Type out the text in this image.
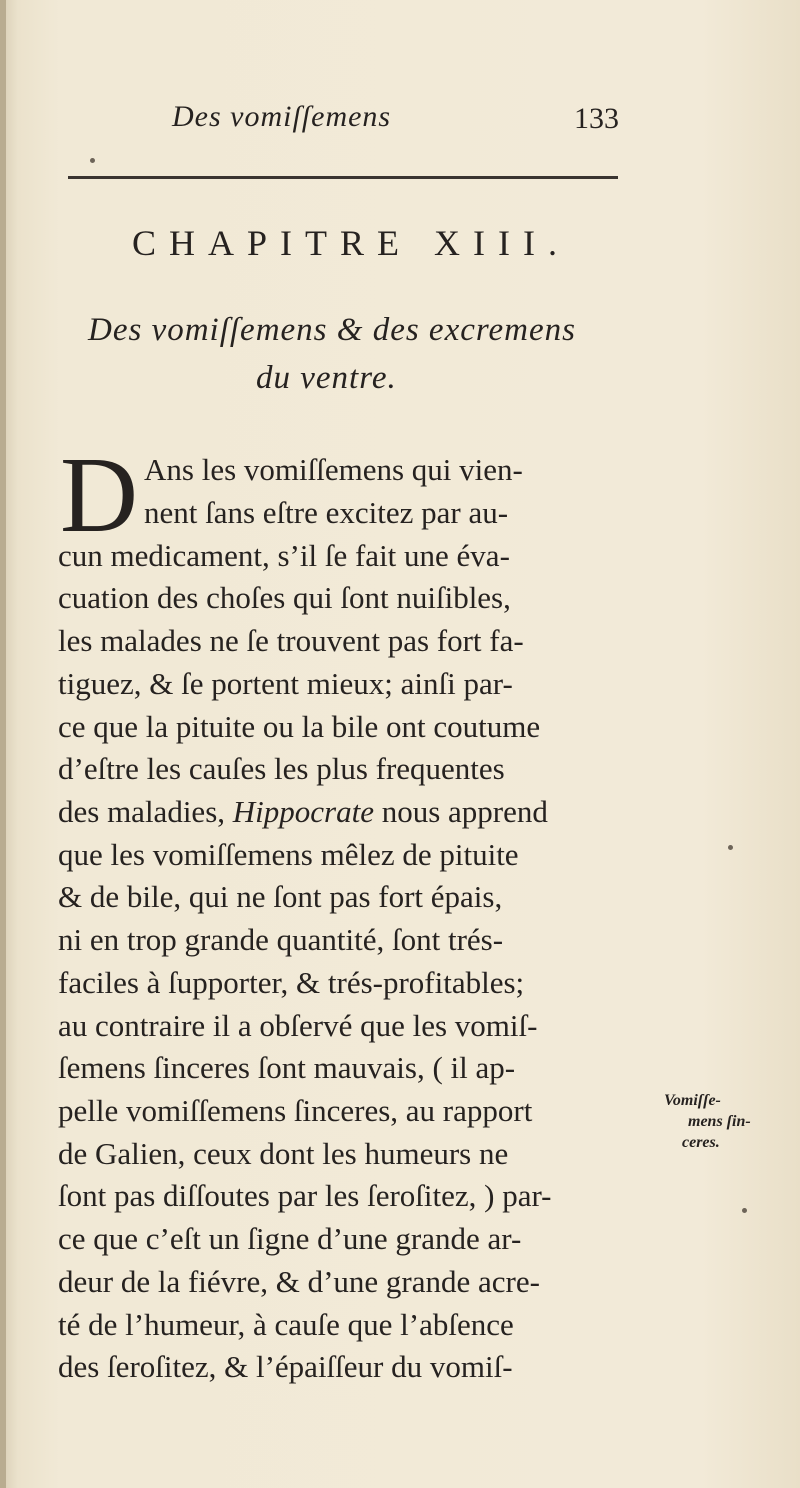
Des vomiſſemens	133
CHAPITRE XIII.
Des vomiſſemens & des excremens
du ventre.
D Ans les vomiſſemens qui vien-
nent ſans eſtre excitez par au-
cun medicament, s’il ſe fait une éva-
cuation des choſes qui ſont nuiſibles,
les malades ne ſe trouvent pas fort fa-
tiguez, & ſe portent mieux; ainſi par-
ce que la pituite ou la bile ont coutume
d’eſtre les cauſes les plus frequentes
des maladies, Hippocrate nous apprend
que les vomiſſemens mêlez de pituite
& de bile, qui ne ſont pas fort épais,
ni en trop grande quantité, ſont trés-
faciles à ſupporter, & trés-profitables;
au contraire il a obſervé que les vomiſ-
ſemens ſinceres ſont mauvais, ( il ap-
pelle vomiſſemens ſinceres, au rapport
de Galien, ceux dont les humeurs ne
ſont pas diſſoutes par les ſeroſitez, ) par-
ce que c’eſt un ſigne d’une grande ar-
deur de la fiévre, & d’une grande acre-
té de l’humeur, à cauſe que l’abſence
des ſeroſitez, & l’épaiſſeur du vomiſ-
Vomiſſe-
mens ſin-
ceres.
